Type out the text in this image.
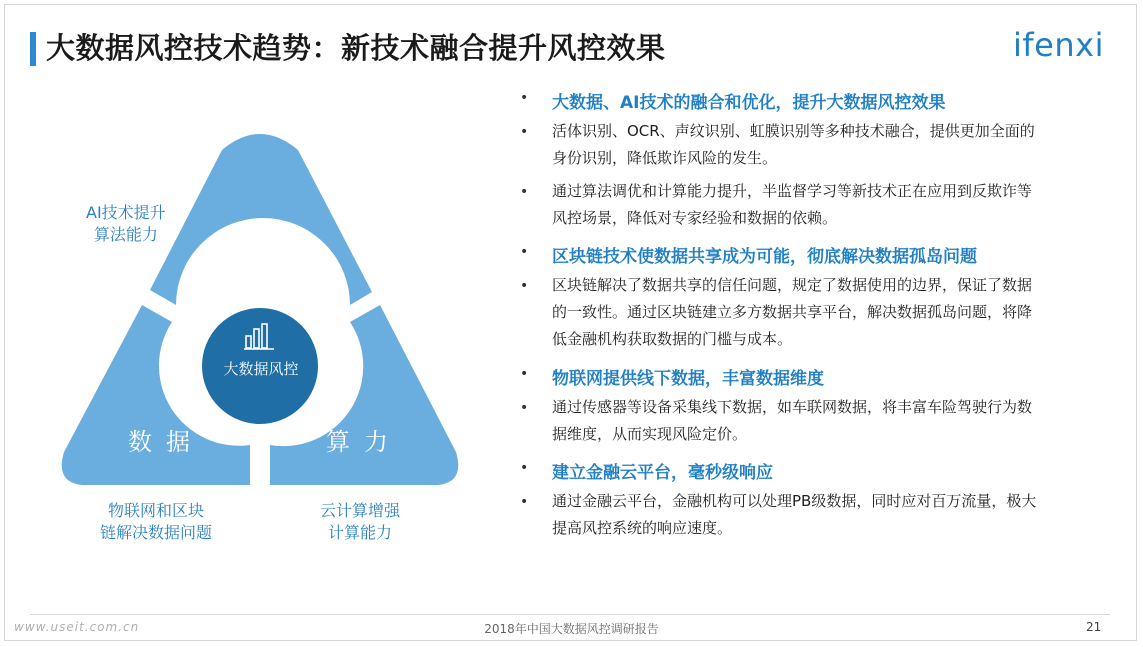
大数据风控技术趋势：新技术融合提升风控效果	ifenxi
大数据风控
算法
数据	算力
AI技术提升
算法能力
物联网和区块
链解决数据问题
云计算增强
计算能力
• 大数据、AI技术的融合和优化，提升大数据风控效果
• 活体识别、OCR、声纹识别、虹膜识别等多种技术融合，提供更加全面的
身份识别，降低欺诈风险的发生。
• 通过算法调优和计算能力提升，半监督学习等新技术正在应用到反欺诈等
风控场景，降低对专家经验和数据的依赖。
• 区块链技术使数据共享成为可能，彻底解决数据孤岛问题
• 区块链解决了数据共享的信任问题，规定了数据使用的边界，保证了数据
的一致性。通过区块链建立多方数据共享平台，解决数据孤岛问题，将降
低金融机构获取数据的门槛与成本。
• 物联网提供线下数据，丰富数据维度
• 通过传感器等设备采集线下数据，如车联网数据，将丰富车险驾驶行为数
据维度，从而实现风险定价。
• 建立金融云平台，毫秒级响应
• 通过金融云平台，金融机构可以处理PB级数据，同时应对百万流量，极大
提高风控系统的响应速度。
www.useit.com.cn	2018年中国大数据风控调研报告	21
